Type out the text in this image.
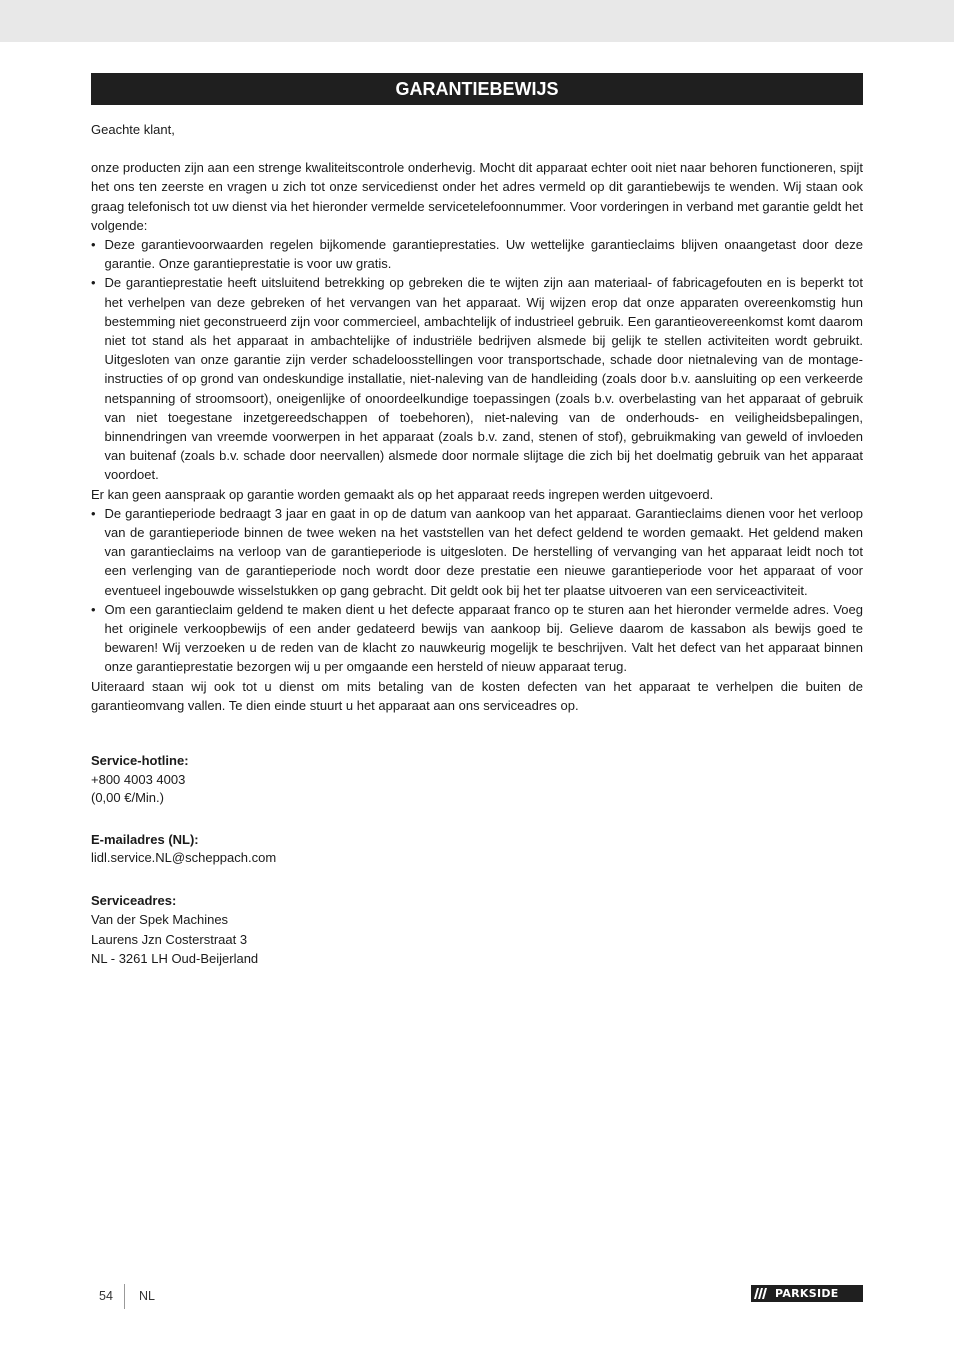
GARANTIEBEWIJS

Geachte klant,

onze producten zijn aan een strenge kwaliteitscontrole onderhevig. Mocht dit apparaat echter ooit niet naar behoren functioneren, spijt het ons ten zeerste en vragen u zich tot onze servicedienst onder het adres vermeld op dit garantiebewijs te wenden. Wij staan ook graag telefonisch tot uw dienst via het hieronder vermelde servicetelefoonnummer. Voor vorderingen in verband met garantie geldt het volgende:

• Deze garantievoorwaarden regelen bijkomende garantieprestaties. Uw wettelijke garantieclaims blijven onaangetast door deze garantie. Onze garantieprestatie is voor uw gratis.
• De garantieprestatie heeft uitsluitend betrekking op gebreken die te wijten zijn aan materiaal- of fabricagefouten en is beperkt tot het verhelpen van deze gebreken of het vervangen van het apparaat. Wij wijzen erop dat onze apparaten overeenkomstig hun bestemming niet geconstrueerd zijn voor commercieel, ambachtelijk of industrieel gebruik. Een garantieovereenkomst komt daarom niet tot stand als het apparaat in ambachtelijke of industriële bedrijven alsmede bij gelijk te stellen activiteiten wordt gebruikt. Uitgesloten van onze garantie zijn verder schadeloosstellingen voor transportschade, schade door nietnaleving van de montage-instructies of op grond van ondeskundige installatie, niet-naleving van de handleiding (zoals door b.v. aansluiting op een verkeerde netspanning of stroomsoort), oneigenlijke of onoordeelkundige toepassingen (zoals b.v. overbelasting van het apparaat of gebruik van niet toegestane inzetgereedschappen of toebehoren), niet-naleving van de onderhouds- en veiligheidsbepalingen, binnendringen van vreemde voorwerpen in het apparaat (zoals b.v. zand, stenen of stof), gebruikmaking van geweld of invloeden van buitenaf (zoals b.v. schade door neervallen) alsmede door normale slijtage die zich bij het doelmatig gebruik van het apparaat voordoet.

Er kan geen aanspraak op garantie worden gemaakt als op het apparaat reeds ingrepen werden uitgevoerd.

• De garantieperiode bedraagt 3 jaar en gaat in op de datum van aankoop van het apparaat. Garantieclaims dienen voor het verloop van de garantieperiode binnen de twee weken na het vaststellen van het defect geldend te worden gemaakt. Het geldend maken van garantieclaims na verloop van de garantieperiode is uitgesloten. De herstelling of vervanging van het apparaat leidt noch tot een verlenging van de garantieperiode noch wordt door deze prestatie een nieuwe garantieperiode voor het apparaat of voor eventueel ingebouwde wisselstukken op gang gebracht. Dit geldt ook bij het ter plaatse uitvoeren van een serviceactiviteit.
• Om een garantieclaim geldend te maken dient u het defecte apparaat franco op te sturen aan het hieronder vermelde adres. Voeg het originele verkoopbewijs of een ander gedateerd bewijs van aankoop bij. Gelieve daarom de kassabon als bewijs goed te bewaren! Wij verzoeken u de reden van de klacht zo nauwkeurig mogelijk te beschrijven. Valt het defect van het apparaat binnen onze garantieprestatie bezorgen wij u per omgaande een hersteld of nieuw apparaat terug.

Uiteraard staan wij ook tot u dienst om mits betaling van de kosten defecten van het apparaat te verhelpen die buiten de garantieomvang vallen. Te dien einde stuurt u het apparaat aan ons serviceadres op.

Service-hotline:
+800 4003 4003
(0,00 €/Min.)
E-mailadres (NL):
lidl.service.NL@scheppach.com
Serviceadres:
Van der Spek Machines
Laurens Jzn Costerstraat 3
NL - 3261 LH Oud-Beijerland
54 NL	PARKSIDE
